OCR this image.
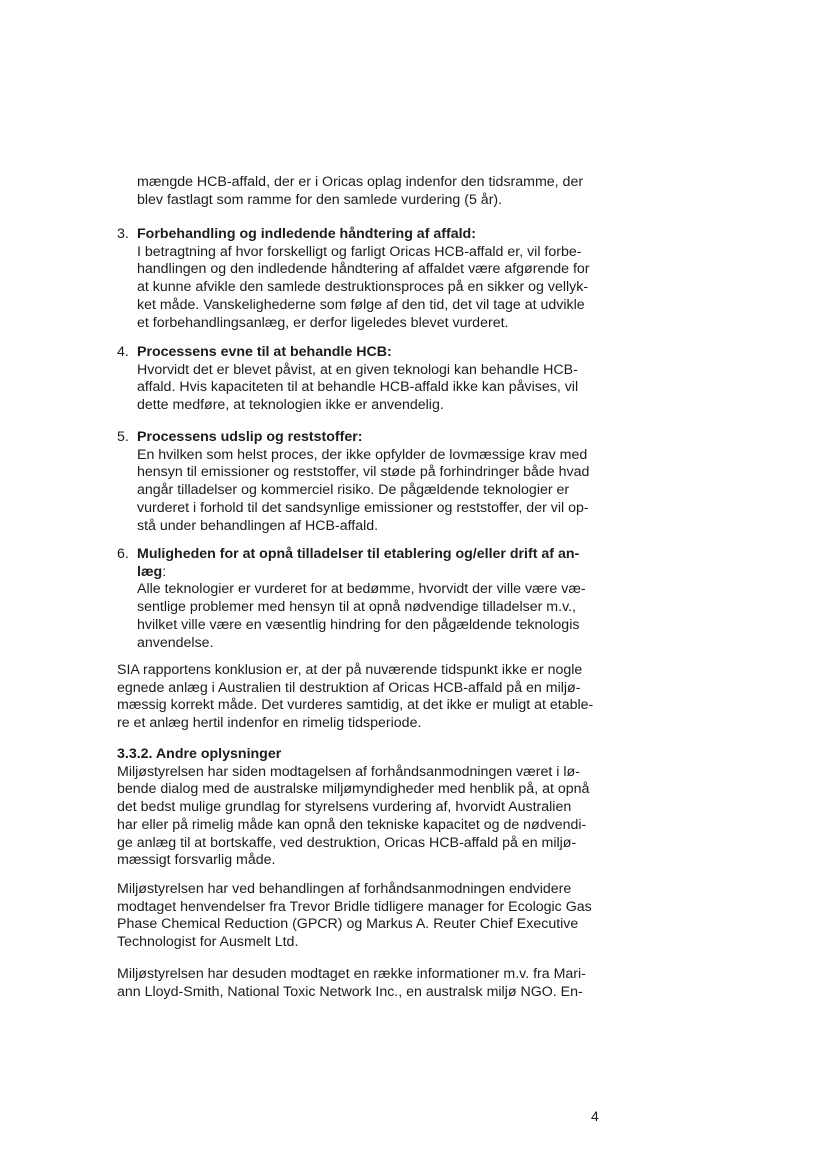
mængde HCB-affald, der er i Oricas oplag indenfor den tidsramme, der
blev fastlagt som ramme for den samlede vurdering (5 år).
3. Forbehandling og indledende håndtering af affald:
I betragtning af hvor forskelligt og farligt Oricas HCB-affald er, vil forbe-
handlingen og den indledende håndtering af affaldet være afgørende for
at kunne afvikle den samlede destruktionsproces på en sikker og vellyk-
ket måde. Vanskelighederne som følge af den tid, det vil tage at udvikle
et forbehandlingsanlæg, er derfor ligeledes blevet vurderet.
4. Processens evne til at behandle HCB:
Hvorvidt det er blevet påvist, at en given teknologi kan behandle HCB-
affald. Hvis kapaciteten til at behandle HCB-affald ikke kan påvises, vil
dette medføre, at teknologien ikke er anvendelig.
5. Processens udslip og reststoffer:
En hvilken som helst proces, der ikke opfylder de lovmæssige krav med
hensyn til emissioner og reststoffer, vil støde på forhindringer både hvad
angår tilladelser og kommerciel risiko. De pågældende teknologier er
vurderet i forhold til det sandsynlige emissioner og reststoffer, der vil op-
stå under behandlingen af HCB-affald.
6. Muligheden for at opnå tilladelser til etablering og/eller drift af an-
læg:
Alle teknologier er vurderet for at bedømme, hvorvidt der ville være væ-
sentlige problemer med hensyn til at opnå nødvendige tilladelser m.v.,
hvilket ville være en væsentlig hindring for den pågældende teknologis
anvendelse.
SIA rapportens konklusion er, at der på nuværende tidspunkt ikke er nogle
egnede anlæg i Australien til destruktion af Oricas HCB-affald på en miljø-
mæssig korrekt måde. Det vurderes samtidig, at det ikke er muligt at etable-
re et anlæg hertil indenfor en rimelig tidsperiode.
3.3.2. Andre oplysninger
Miljøstyrelsen har siden modtagelsen af forhåndsanmodningen været i lø-
bende dialog med de australske miljømyndigheder med henblik på, at opnå
det bedst mulige grundlag for styrelsens vurdering af, hvorvidt Australien
har eller på rimelig måde kan opnå den tekniske kapacitet og de nødvendi-
ge anlæg til at bortskaffe, ved destruktion, Oricas HCB-affald på en miljø-
mæssigt forsvarlig måde.
Miljøstyrelsen har ved behandlingen af forhåndsanmodningen endvidere
modtaget henvendelser fra Trevor Bridle tidligere manager for Ecologic Gas
Phase Chemical Reduction (GPCR) og Markus A. Reuter Chief Executive
Technologist for Ausmelt Ltd.
Miljøstyrelsen har desuden modtaget en række informationer m.v. fra Mari-
ann Lloyd-Smith, National Toxic Network Inc., en australsk miljø NGO. En-
4
